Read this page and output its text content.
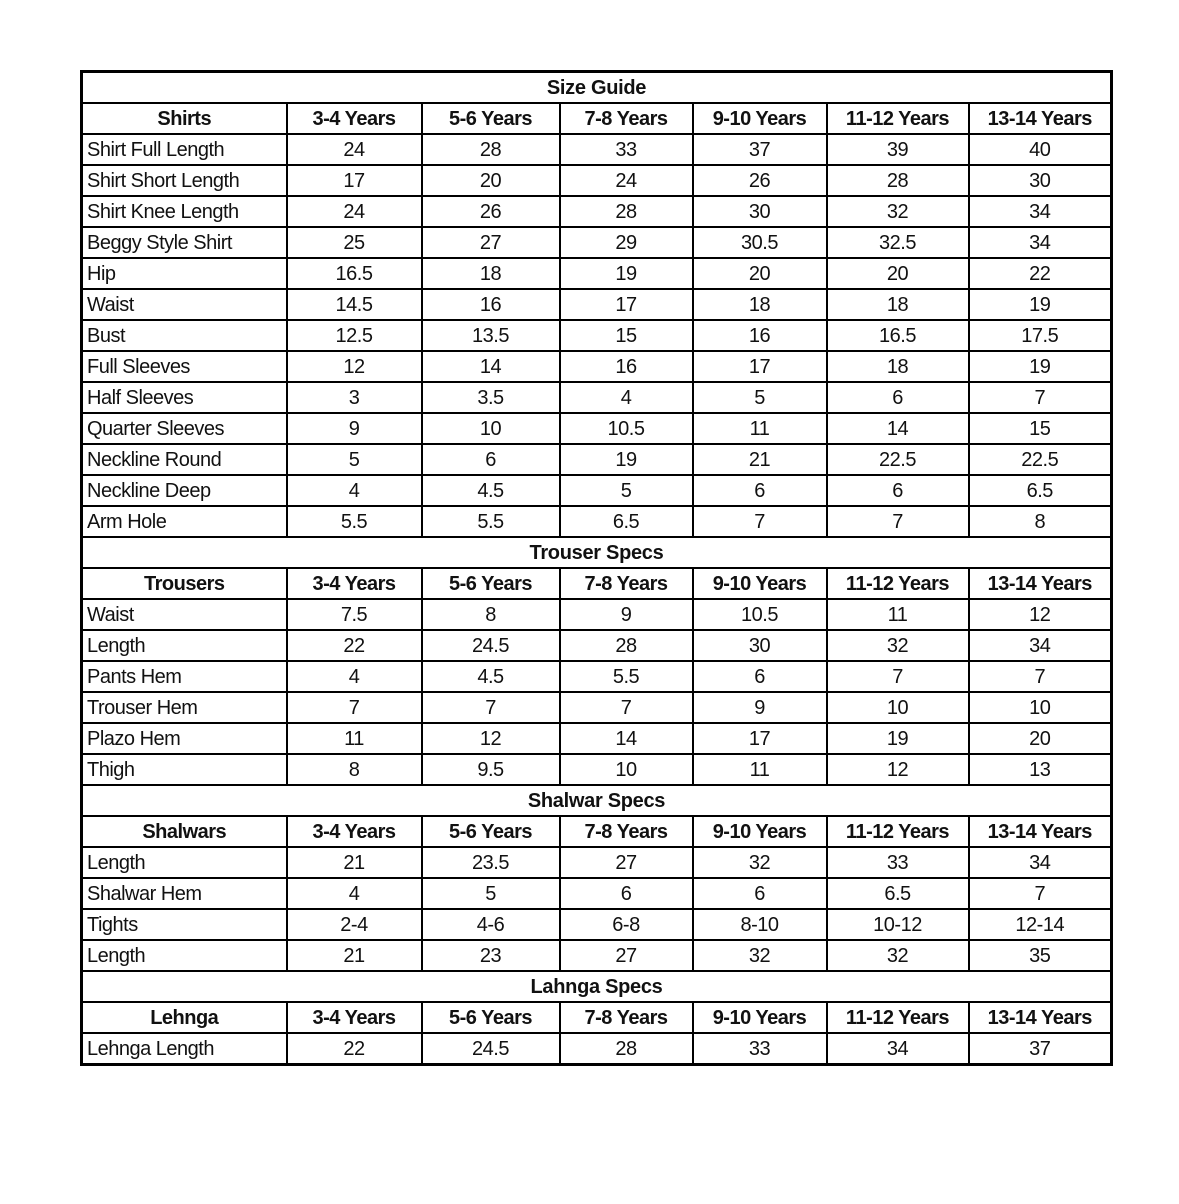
Size Guide						
Shirts	3-4 Years	5-6 Years	7-8 Years	9-10 Years	11-12 Years	13-14 Years
Shirt Full Length	24	28	33	37	39	40
Shirt Short Length	17	20	24	26	28	30
Shirt Knee Length	24	26	28	30	32	34
Beggy Style Shirt	25	27	29	30.5	32.5	34
Hip	16.5	18	19	20	20	22
Waist	14.5	16	17	18	18	19
Bust	12.5	13.5	15	16	16.5	17.5
Full Sleeves	12	14	16	17	18	19
Half Sleeves	3	3.5	4	5	6	7
Quarter Sleeves	9	10	10.5	11	14	15
Neckline Round	5	6	19	21	22.5	22.5
Neckline Deep	4	4.5	5	6	6	6.5
Arm Hole	5.5	5.5	6.5	7	7	8
Trouser Specs						
Trousers	3-4 Years	5-6 Years	7-8 Years	9-10 Years	11-12 Years	13-14 Years
Waist	7.5	8	9	10.5	11	12
Length	22	24.5	28	30	32	34
Pants Hem	4	4.5	5.5	6	7	7
Trouser Hem	7	7	7	9	10	10
Plazo Hem	11	12	14	17	19	20
Thigh	8	9.5	10	11	12	13
Shalwar Specs						
Shalwars	3-4 Years	5-6 Years	7-8 Years	9-10 Years	11-12 Years	13-14 Years
Length	21	23.5	27	32	33	34
Shalwar Hem	4	5	6	6	6.5	7
Tights	2-4	4-6	6-8	8-10	10-12	12-14
Length	21	23	27	32	32	35
Lahnga Specs						
Lehnga	3-4 Years	5-6 Years	7-8 Years	9-10 Years	11-12 Years	13-14 Years
Lehnga Length	22	24.5	28	33	34	37
